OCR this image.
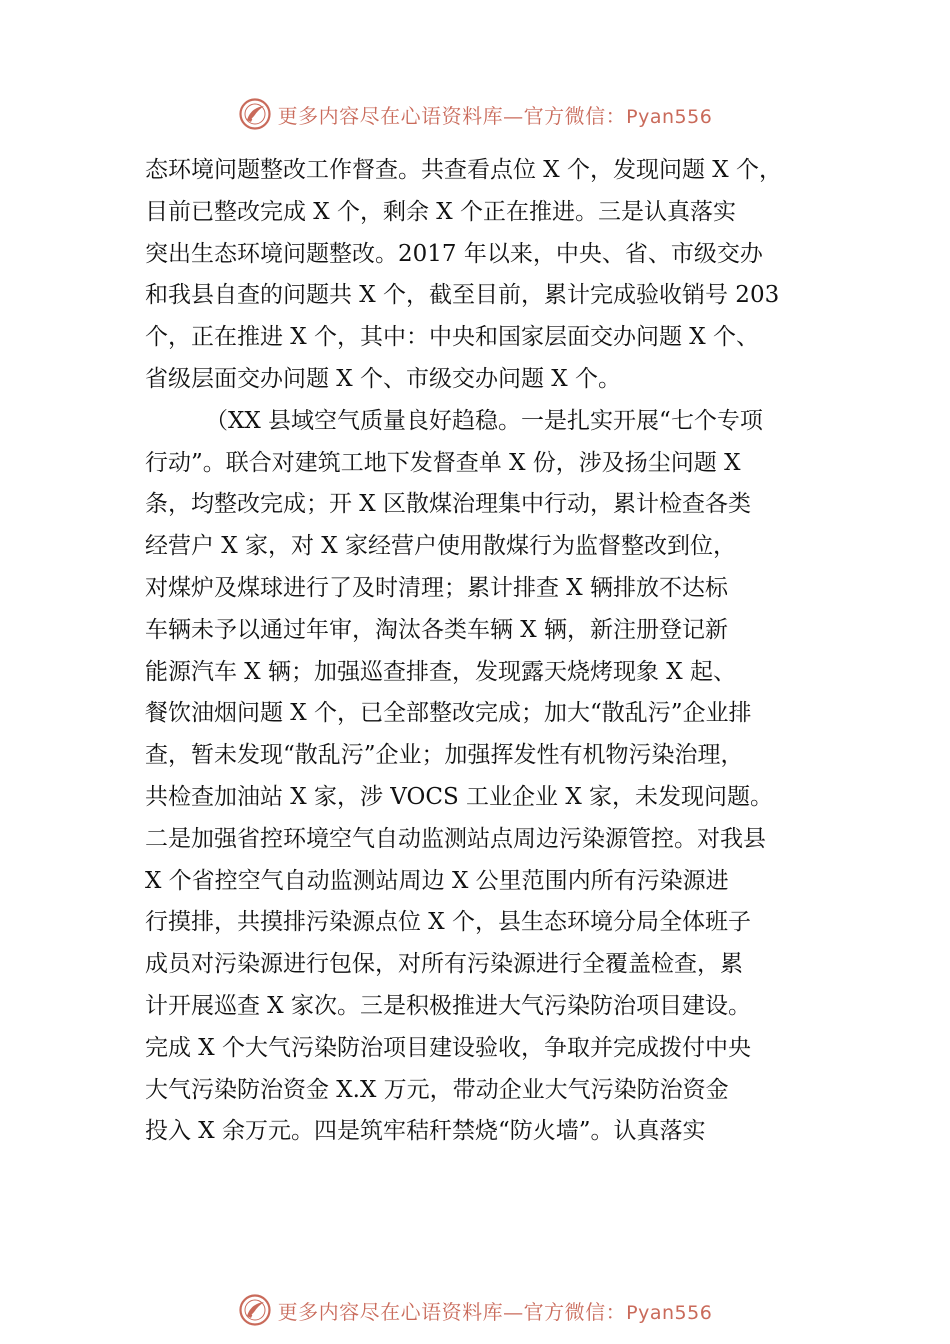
更多内容尽在心语资料库—官方微信：Pyan556
态环境问题整改工作督查。共查看点位 X 个，发现问题 X 个，
目前已整改完成 X 个，剩余 X 个正在推进。三是认真落实
突出生态环境问题整改。2017 年以来，中央、省、市级交办
和我县自查的问题共 X 个，截至目前，累计完成验收销号 203
个，正在推进 X 个，其中：中央和国家层面交办问题 X 个、
省级层面交办问题 X 个、市级交办问题 X 个。
（XX 县域空气质量良好趋稳。一是扎实开展“七个专项
行动”。联合对建筑工地下发督查单 X 份，涉及扬尘问题 X
条，均整改完成；开 X 区散煤治理集中行动，累计检查各类
经营户 X 家，对 X 家经营户使用散煤行为监督整改到位，
对煤炉及煤球进行了及时清理；累计排查 X 辆排放不达标
车辆未予以通过年审，淘汰各类车辆 X 辆，新注册登记新
能源汽车 X 辆；加强巡查排查，发现露天烧烤现象 X 起、
餐饮油烟问题 X 个，已全部整改完成；加大“散乱污”企业排
查，暂未发现“散乱污”企业；加强挥发性有机物污染治理，
共检查加油站 X 家，涉 VOCS 工业企业 X 家，未发现问题。
二是加强省控环境空气自动监测站点周边污染源管控。对我县
X 个省控空气自动监测站周边 X 公里范围内所有污染源进
行摸排，共摸排污染源点位 X 个，县生态环境分局全体班子
成员对污染源进行包保，对所有污染源进行全覆盖检查，累
计开展巡查 X 家次。三是积极推进大气污染防治项目建设。
完成 X 个大气污染防治项目建设验收，争取并完成拨付中央
大气污染防治资金 X.X 万元，带动企业大气污染防治资金
投入 X 余万元。四是筑牢秸秆禁烧“防火墙”。认真落实
更多内容尽在心语资料库—官方微信：Pyan556
